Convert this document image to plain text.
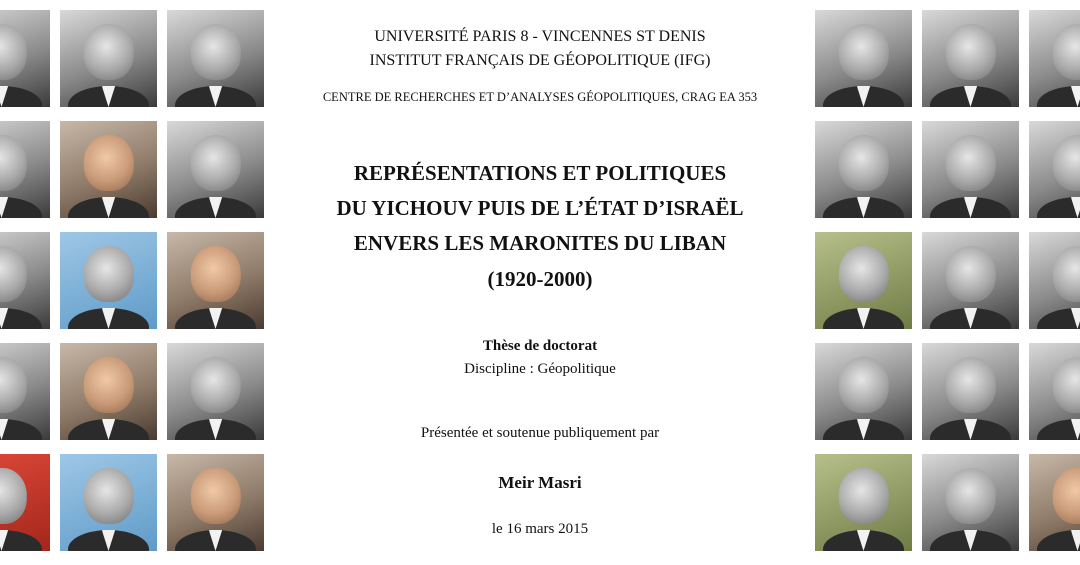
UNIVERSITÉ PARIS 8 - VINCENNES ST DENIS
INSTITUT FRANÇAIS DE GÉOPOLITIQUE (IFG)
CENTRE DE RECHERCHES ET D’ANALYSES GÉOPOLITIQUES, CRAG EA 353
REPRÉSENTATIONS ET POLITIQUES
DU YICHOUV PUIS DE L’ÉTAT D’ISRAËL
ENVERS LES MARONITES DU LIBAN
(1920-2000)
Thèse de doctorat
Discipline : Géopolitique
Présentée et soutenue publiquement par
Meir Masri
le 16 mars 2015
